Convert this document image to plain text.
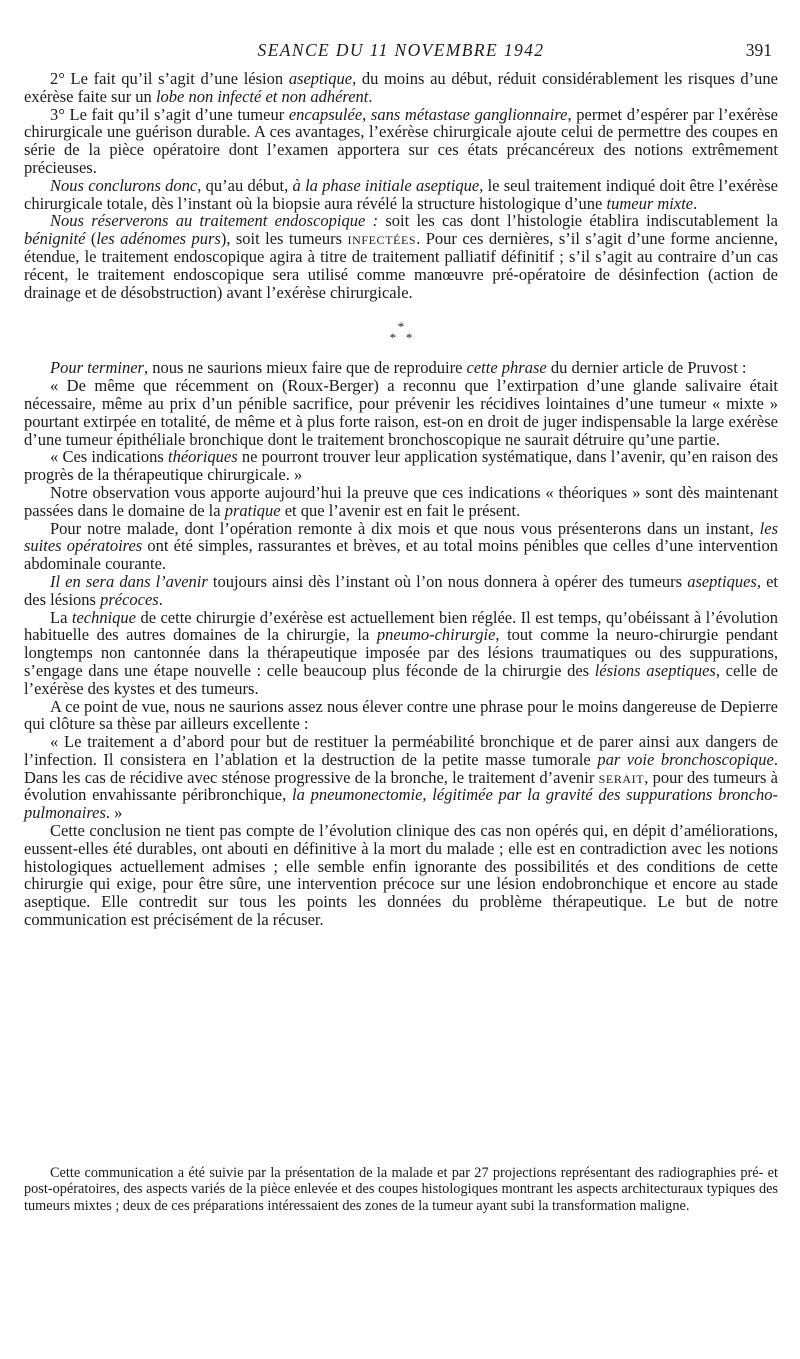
SEANCE DU 11 NOVEMBRE 1942	391

2° Le fait qu’il s’agit d’une lésion aseptique, du moins au début, réduit considérablement les risques d’une exérèse faite sur un lobe non infecté et non adhérent.

3° Le fait qu’il s’agit d’une tumeur encapsulée, sans métastase ganglionnaire, permet d’espérer par l’exérèse chirurgicale une guérison durable. A ces avantages, l’exérèse chirurgicale ajoute celui de permettre des coupes en série de la pièce opératoire dont l’examen apportera sur ces états précancéreux des notions extrêmement précieuses.

Nous conclurons donc, qu’au début, à la phase initiale aseptique, le seul traitement indiqué doit être l’exérèse chirurgicale totale, dès l’instant où la biopsie aura révélé la structure histologique d’une tumeur mixte.

Nous réserverons au traitement endoscopique : soit les cas dont l’histologie établira indiscutablement la bénignité (les adénomes purs), soit les tumeurs infectées. Pour ces dernières, s’il s’agit d’une forme ancienne, étendue, le traitement endoscopique agira à titre de traitement palliatif définitif ; s’il s’agit au contraire d’un cas récent, le traitement endoscopique sera utilisé comme manœuvre pré-opératoire de désinfection (action de drainage et de désobstruction) avant l’exérèse chirurgicale.

*
*   *

Pour terminer, nous ne saurions mieux faire que de reproduire cette phrase du dernier article de Pruvost :

« De même que récemment on (Roux-Berger) a reconnu que l’extirpation d’une glande salivaire était nécessaire, même au prix d’un pénible sacrifice, pour prévenir les récidives lointaines d’une tumeur « mixte » pourtant extirpée en totalité, de même et à plus forte raison, est-on en droit de juger indispensable la large exérèse d’une tumeur épithéliale bronchique dont le traitement bronchoscopique ne saurait détruire qu’une partie.

« Ces indications théoriques ne pourront trouver leur application systématique, dans l’avenir, qu’en raison des progrès de la thérapeutique chirurgicale. »

Notre observation vous apporte aujourd’hui la preuve que ces indications « théoriques » sont dès maintenant passées dans le domaine de la pratique et que l’avenir est en fait le présent.

Pour notre malade, dont l’opération remonte à dix mois et que nous vous présenterons dans un instant, les suites opératoires ont été simples, rassurantes et brèves, et au total moins pénibles que celles d’une intervention abdominale courante.

Il en sera dans l’avenir toujours ainsi dès l’instant où l’on nous donnera à opérer des tumeurs aseptiques, et des lésions précoces.

La technique de cette chirurgie d’exérèse est actuellement bien réglée. Il est temps, qu’obéissant à l’évolution habituelle des autres domaines de la chirurgie, la pneumo-chirurgie, tout comme la neuro-chirurgie pendant longtemps non cantonnée dans la thérapeutique imposée par des lésions traumatiques ou des suppurations, s’engage dans une étape nouvelle : celle beaucoup plus féconde de la chirurgie des lésions aseptiques, celle de l’exérèse des kystes et des tumeurs.

A ce point de vue, nous ne saurions assez nous élever contre une phrase pour le moins dangereuse de Depierre qui clôture sa thèse par ailleurs excellente :

« Le traitement a d’abord pour but de restituer la perméabilité bronchique et de parer ainsi aux dangers de l’infection. Il consistera en l’ablation et la destruction de la petite masse tumorale par voie bronchoscopique. Dans les cas de récidive avec sténose progressive de la bronche, le traitement d’avenir serait, pour des tumeurs à évolution envahissante péribronchique, la pneumonectomie, légitimée par la gravité des suppurations broncho-pulmonaires. »

Cette conclusion ne tient pas compte de l’évolution clinique des cas non opérés qui, en dépit d’améliorations, eussent-elles été durables, ont abouti en définitive à la mort du malade ; elle est en contradiction avec les notions histologiques actuellement admises ; elle semble enfin ignorante des possibilités et des conditions de cette chirurgie qui exige, pour être sûre, une intervention précoce sur une lésion endobronchique et encore au stade aseptique. Elle contredit sur tous les points les données du problème thérapeutique. Le but de notre communication est précisément de la récuser.

Cette communication a été suivie par la présentation de la malade et par 27 projections représentant des radiographies pré- et post-opératoires, des aspects variés de la pièce enlevée et des coupes histologiques montrant les aspects architecturaux typiques des tumeurs mixtes ; deux de ces préparations intéressaient des zones de la tumeur ayant subi la transformation maligne.
